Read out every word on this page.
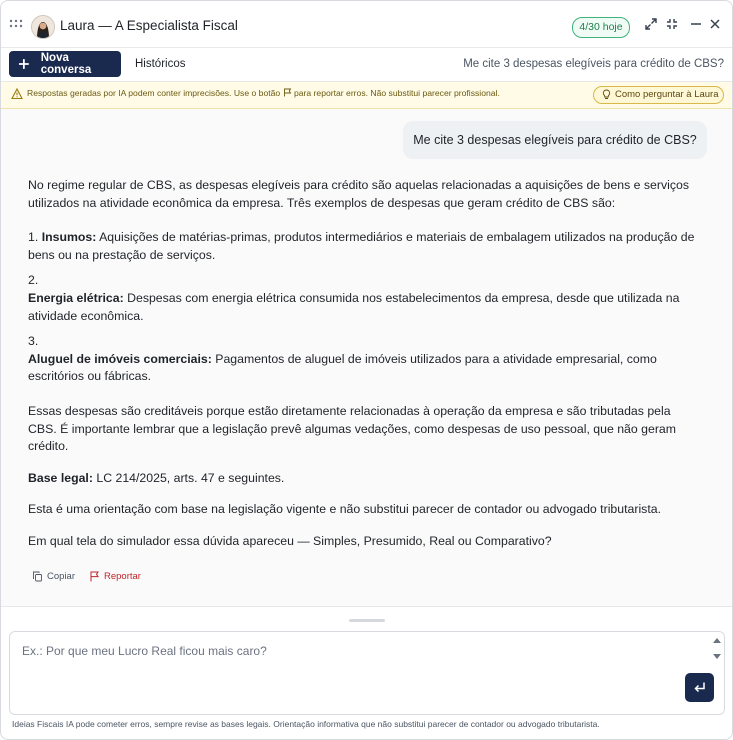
Laura — A Especialista Fiscal	4/30 hoje
Nova conversa	Históricos	Me cite 3 despesas elegíveis para crédito de CBS?
Respostas geradas por IA podem conter imprecisões. Use o botão para reportar erros. Não substitui parecer profissional.	Como perguntar à Laura
Me cite 3 despesas elegíveis para crédito de CBS?

No regime regular de CBS, as despesas elegíveis para crédito são aquelas relacionadas a aquisições de bens e serviços utilizados na atividade econômica da empresa. Três exemplos de despesas que geram crédito de CBS são:

1. Insumos: Aquisições de matérias-primas, produtos intermediários e materiais de embalagem utilizados na produção de bens ou na prestação de serviços.

2.

Energia elétrica: Despesas com energia elétrica consumida nos estabelecimentos da empresa, desde que utilizada na atividade econômica.

3.

Aluguel de imóveis comerciais: Pagamentos de aluguel de imóveis utilizados para a atividade empresarial, como escritórios ou fábricas.

Essas despesas são creditáveis porque estão diretamente relacionadas à operação da empresa e são tributadas pela CBS. É importante lembrar que a legislação prevê algumas vedações, como despesas de uso pessoal, que não geram crédito.

Base legal: LC 214/2025, arts. 47 e seguintes.

Esta é uma orientação com base na legislação vigente e não substitui parecer de contador ou advogado tributarista.

Em qual tela do simulador essa dúvida apareceu — Simples, Presumido, Real ou Comparativo?

Copiar	Reportar
Ex.: Por que meu Lucro Real ficou mais caro?
Ideias Fiscais IA pode cometer erros, sempre revise as bases legais. Orientação informativa que não substitui parecer de contador ou advogado tributarista.
